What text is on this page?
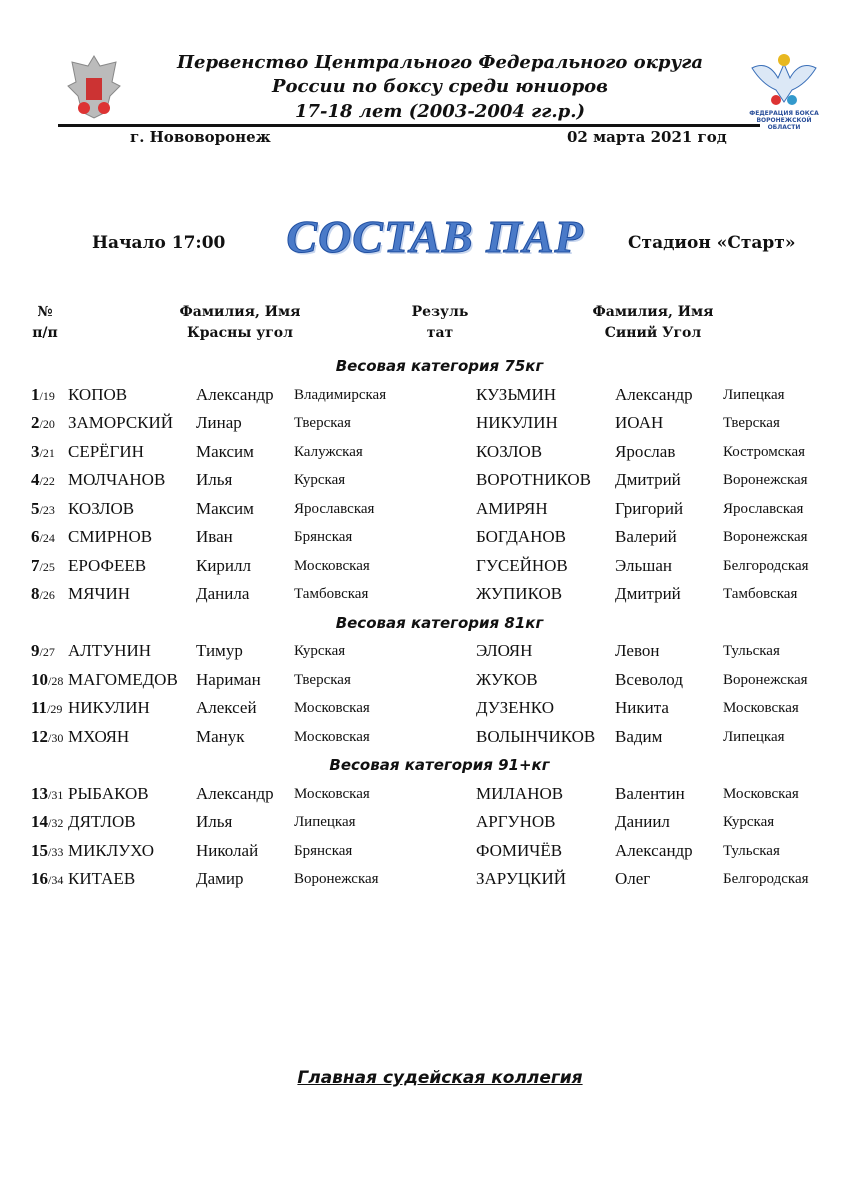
ФЕДЕРАЦИЯ БОКСА ВОРОНЕЖСКОЙ ОБЛАСТИ
Первенство Центрального Федерального округа
России по боксу среди юниоров
17-18 лет (2003-2004 гг.р.)
г. Нововоронеж	02 марта 2021 год
Начало 17:00	СОСТАВ ПАР	Стадион «Старт»
№
п/п
Фамилия, Имя
Красны угол
Резуль
тат
Фамилия, Имя
Синий Угол
Весовая категория 75кг
1/19 КОПОВ	Александр Владимирская	КУЗЬМИН	Александр Липецкая
2/20 ЗАМОРСКИЙ Линар	Тверская	НИКУЛИН	ИОАН	Тверская
3/21 СЕРЁГИН	Максим	Калужская	КОЗЛОВ	Ярослав	Костромская
4/22 МОЛЧАНОВ Илья	Курская	ВОРОТНИКОВ Дмитрий	Воронежская
5/23 КОЗЛОВ	Максим	Ярославская	АМИРЯН	Григорий	Ярославская
6/24 СМИРНОВ	Иван	Брянская	БОГДАНОВ	Валерий	Воронежская
7/25 ЕРОФЕЕВ	Кирилл	Московская	ГУСЕЙНОВ	Эльшан	Белгородская
8/26 МЯЧИН	Данила	Тамбовская	ЖУПИКОВ	Дмитрий	Тамбовская
Весовая категория 81кг
9/27 АЛТУНИН	Тимур	Курская	ЭЛОЯН	Левон	Тульская
10/28 МАГОМЕДОВ Нариман Тверская	ЖУКОВ	Всеволод	Воронежская
11/29 НИКУЛИН	Алексей Московская	ДУЗЕНКО	Никита	Московская
12/30 МХОЯН	Манук	Московская	ВОЛЫНЧИКОВ Вадим	Липецкая
Весовая категория 91+кг
13/31 РЫБАКОВ	Александр Московская	МИЛАНОВ	Валентин	Московская
14/32 ДЯТЛОВ	Илья	Липецкая	АРГУНОВ	Даниил	Курская
15/33 МИКЛУХО Николай Брянская	ФОМИЧЁВ	Александр Тульская
16/34 КИТАЕВ	Дамир	Воронежская	ЗАРУЦКИЙ	Олег	Белгородская
Главная судейская коллегия
